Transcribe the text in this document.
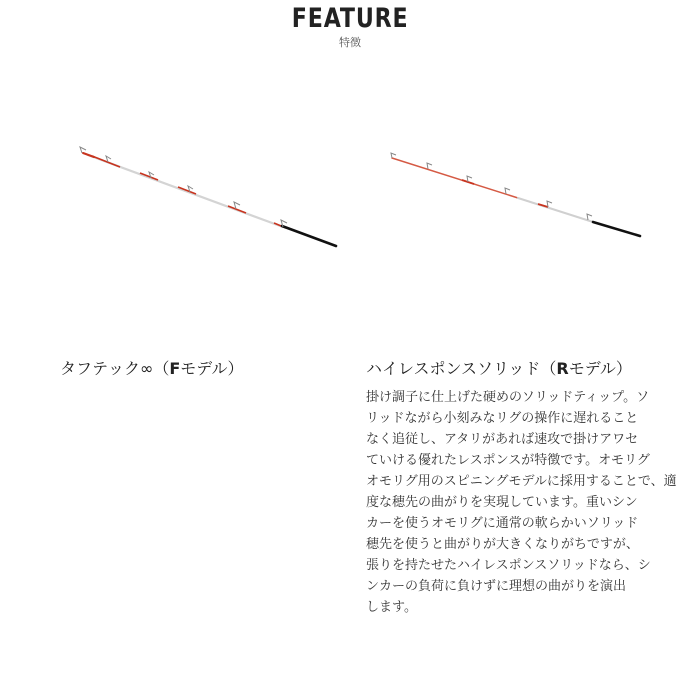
FEATURE
特徴
タフテック∞（Fモデル）	ハイレスポンスソリッド（Rモデル）
掛け調子に仕上げた硬めのソリッドティップ。ソ
リッドながら小刻みなリグの操作に遅れること
なく追従し、アタリがあれば速攻で掛けアワセ
ていける優れたレスポンスが特徴です。オモリグ
オモリグ用のスピニングモデルに採用することで、適
度な穂先の曲がりを実現しています。重いシン
カーを使うオモリグに通常の軟らかいソリッド
穂先を使うと曲がりが大きくなりがちですが、
張りを持たせたハイレスポンスソリッドなら、シ
ンカーの負荷に負けずに理想の曲がりを演出
します。
